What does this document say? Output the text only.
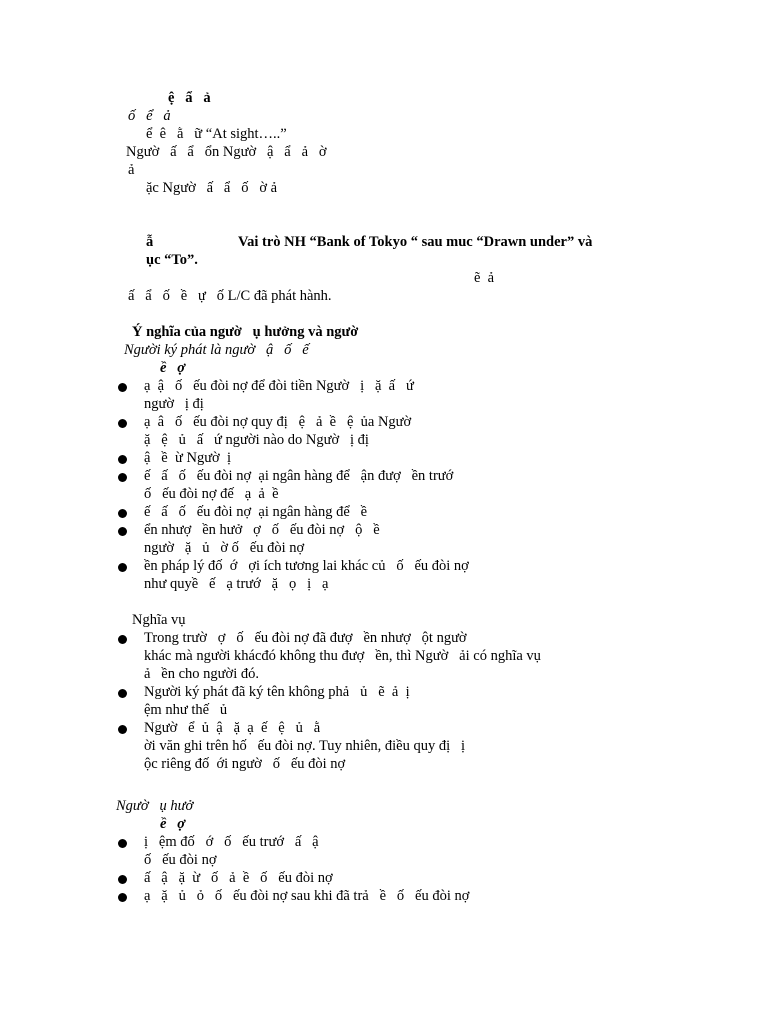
ệ   ẩ   ả
ố   ể   ả
ể  ê   ằ   ữ “At sight…..”
Ngườ   ấ   ẩ   ổn Ngườ   ậ   ẩ   ả   ờ
ả
ặc Ngườ   ấ   ẩ   ố   ờ ả
ẫ	Vai trò NH “Bank of Tokyo “ sau muc “Drawn under” và
ục “To”.
ẽ  ả
ấ   ẩ   ố   ề   ự   ố L/C đã phát hành.
Ý nghĩa của ngườ   ụ hưởng và ngườ
Người ký phát là ngườ   ậ   ố   ế
ề   ợ
ạ  ậ   ố   ếu đòi nợ để đòi tiền Ngườ   ị   ặ  ấ   ứ
ngườ   ị đị
ạ  â   ố   ếu đòi nợ quy đị   ệ   ả  ề   ệ  ủa Ngườ
ặ   ệ   ủ   ấ   ứ người nào do Ngườ   ị đị
ậ   ề  ừ Ngườ  ị
ế   ấ   ố   ếu đòi nợ  ại ngân hàng để   ận đượ   ền trướ
ố   ếu đòi nợ đế   ạ  ả  ề
ế   ấ   ố   ếu đòi nợ  ại ngân hàng để   ề
ển nhượ   ền hưở   ợ   ố   ếu đòi nợ   ộ   ề
ngườ   ặ   ủ   ờ ố   ếu đòi nợ
ền pháp lý đố  ớ   ợi ích tương lai khác củ   ố   ếu đòi nợ
như quyề   ế   ạ trướ   ặ   ọ   ị   ạ
Nghĩa vụ
Trong trườ   ợ   ố   ếu đòi nợ đã đượ   ền nhượ   ột ngườ
khác mà người khácđó không thu đượ   ền, thì Ngườ   ải có nghĩa vụ
ả   ền cho người đó.
Người ký phát đã ký tên không phả   ủ   ẽ  ả  ị
ệm như thế   ủ
Ngườ   ể  ủ  ậ   ặ  ạ  ế   ệ   ủ   ằ
ời văn ghi trên hố   ếu đòi nợ. Tuy nhiên, điều quy đị   ị
ộc riêng đố  ới ngườ   ố   ếu đòi nợ
Ngườ   ụ hưở
ề   ợ
ị   ệm đố   ớ   ố   ếu trướ   ấ   ậ
ố   ếu đòi nợ
ấ   ậ   ặ  ừ   ố   ả  ề   ố   ếu đòi nợ
ạ   ặ   ủ   ỏ   ố   ếu đòi nợ sau khi đã trả   ề   ố   ếu đòi nợ
